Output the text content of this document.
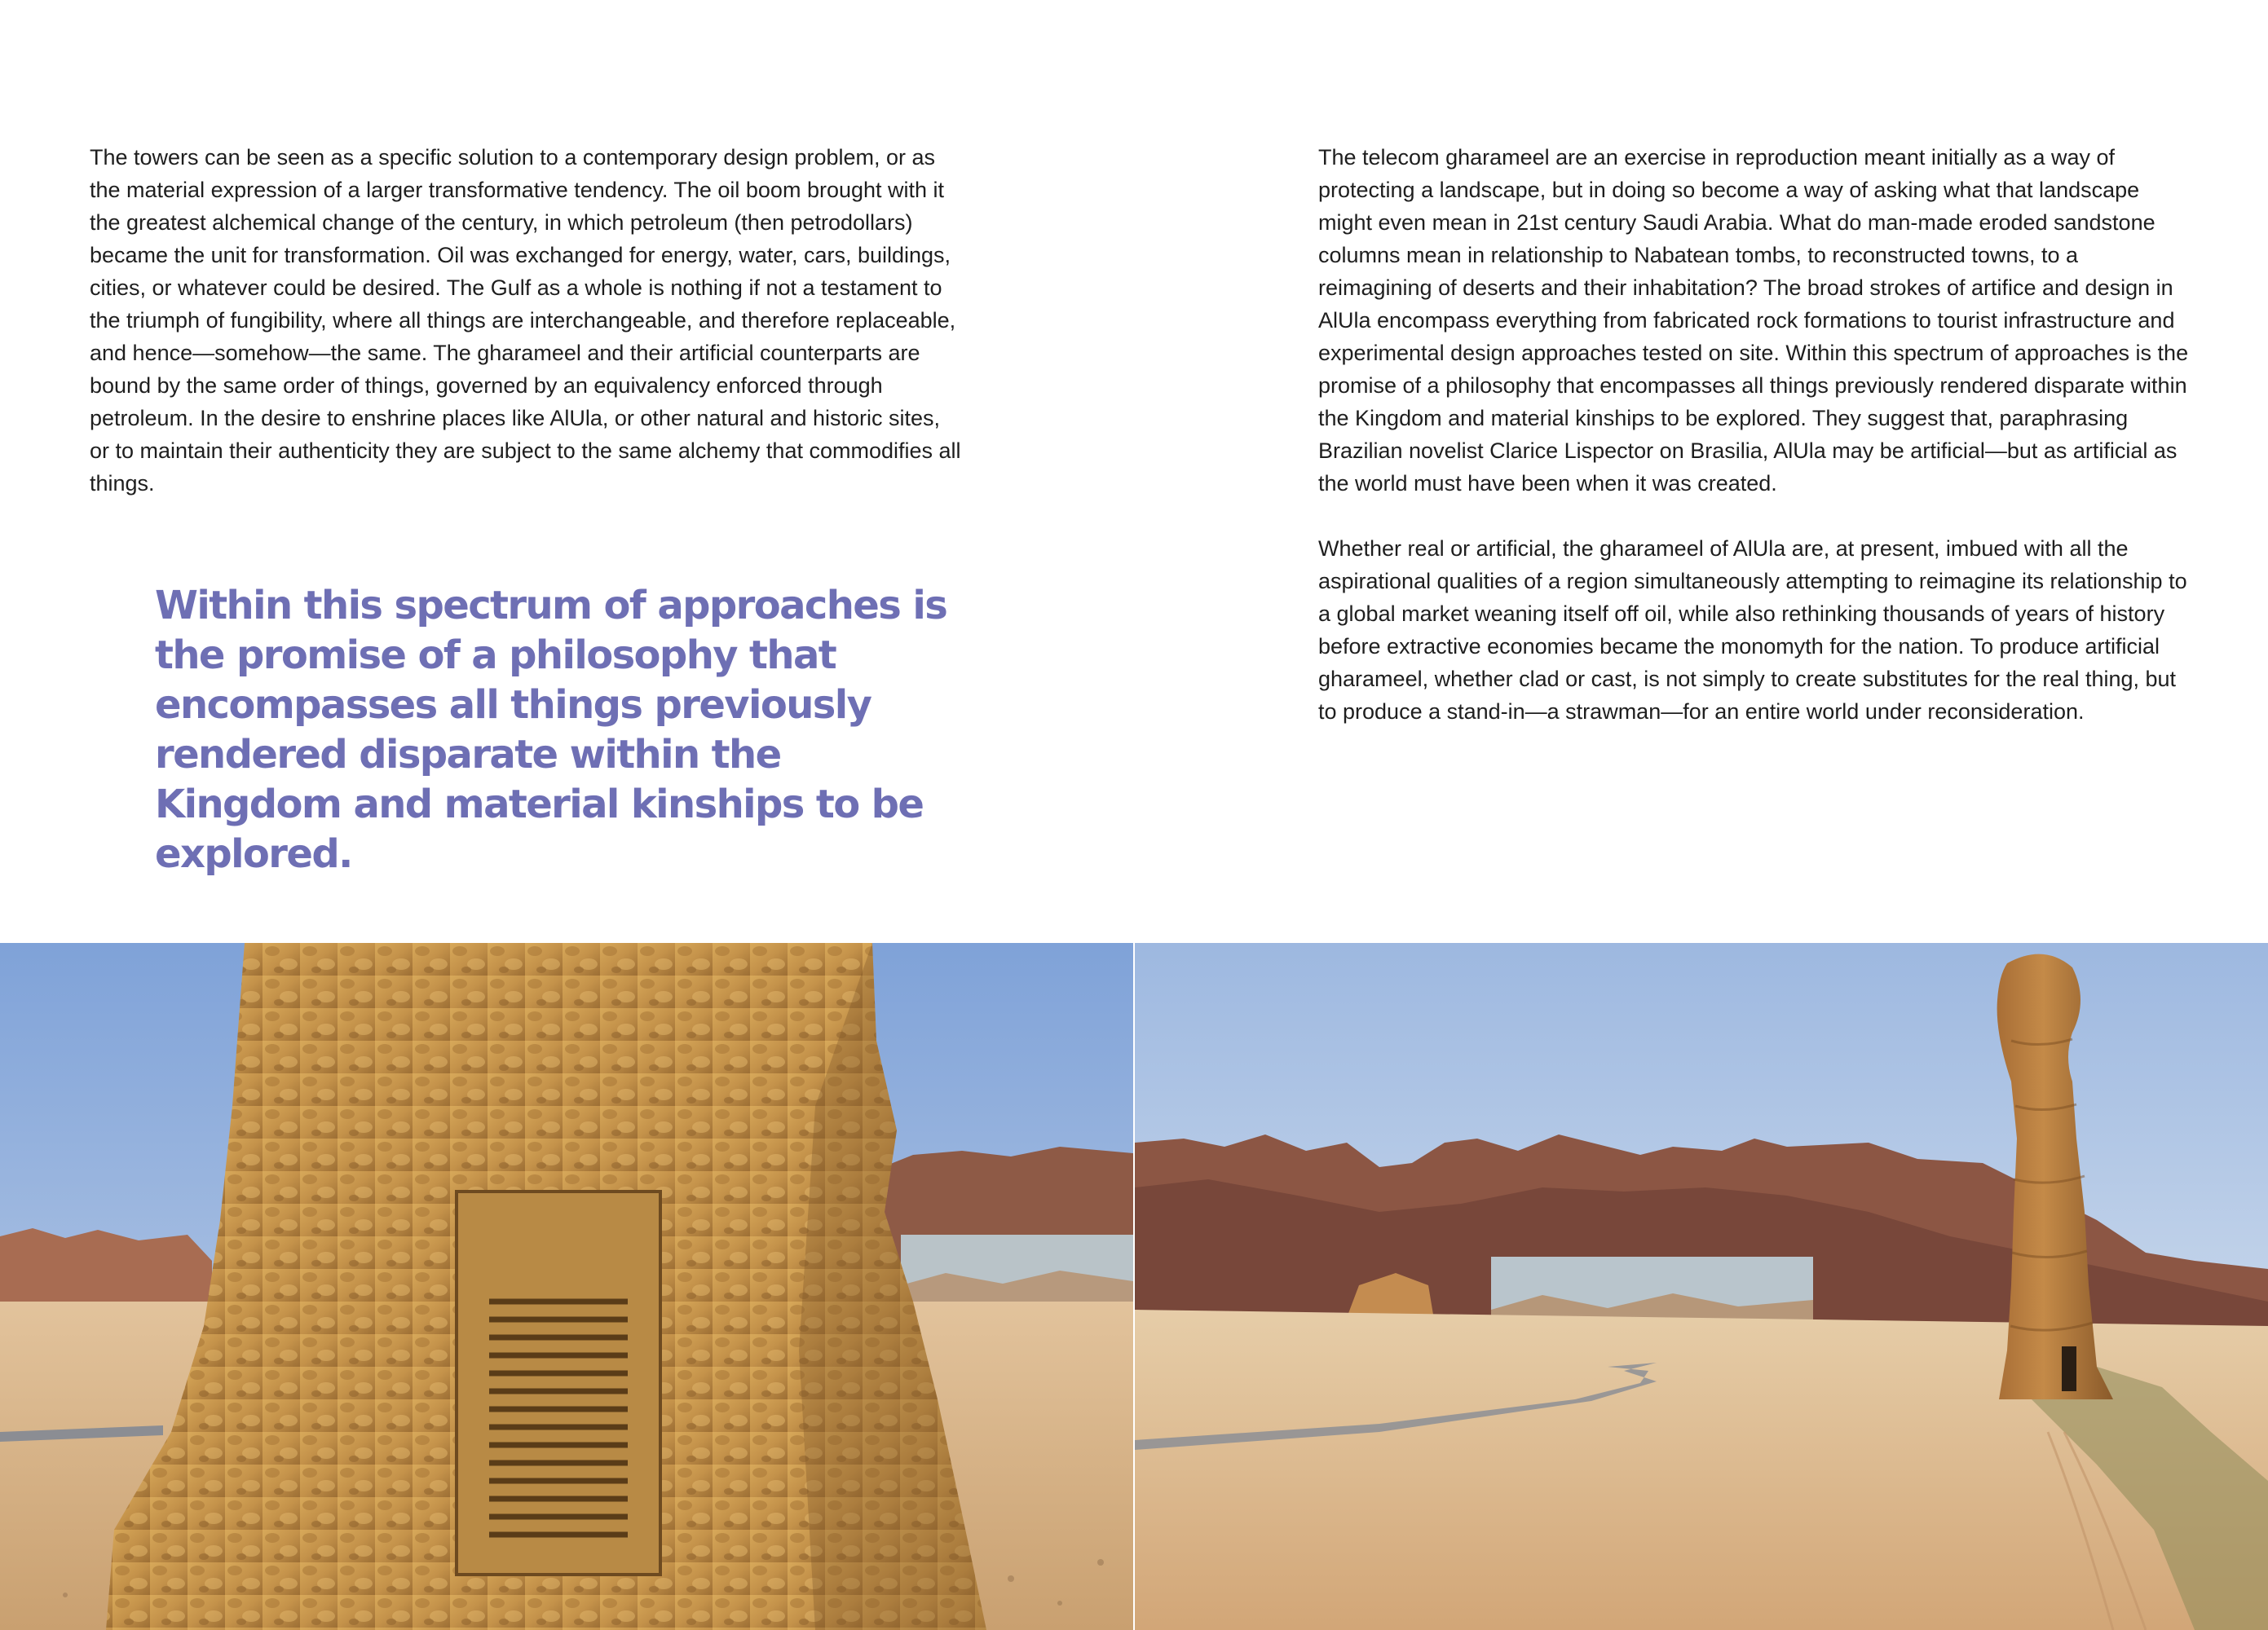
The towers can be seen as a specific solution to a contemporary design problem, or as the material expression of a larger transformative tendency. The oil boom brought with it the greatest alchemical change of the century, in which petroleum (then petrodollars) became the unit for transformation. Oil was exchanged for energy, water, cars, buildings, cities, or whatever could be desired. The Gulf as a whole is nothing if not a testament to the triumph of fungibility, where all things are interchangeable, and therefore replaceable, and hence—somehow—the same. The gharameel and their artificial counterparts are bound by the same order of things, governed by an equivalency enforced through petroleum. In the desire to enshrine places like AlUla, or other natural and historic sites, or to maintain their authenticity they are subject to the same alchemy that commodifies all things.

Within this spectrum of approaches is the promise of a philosophy that encompasses all things previously rendered disparate within the Kingdom and material kinships to be explored.

The telecom gharameel are an exercise in reproduction meant initially as a way of protecting a landscape, but in doing so become a way of asking what that landscape might even mean in 21st century Saudi Arabia. What do man-made eroded sandstone columns mean in relationship to Nabatean tombs, to reconstructed towns, to a reimagining of deserts and their inhabitation? The broad strokes of artifice and design in AlUla encompass everything from fabricated rock formations to tourist infrastructure and experimental design approaches tested on site. Within this spectrum of approaches is the promise of a philosophy that encompasses all things previously rendered disparate within the Kingdom and material kinships to be explored. They suggest that, paraphrasing Brazilian novelist Clarice Lispector on Brasilia, AlUla may be artificial—but as artificial as the world must have been when it was created.

Whether real or artificial, the gharameel of AlUla are, at present, imbued with all the aspirational qualities of a region simultaneously attempting to reimagine its relationship to a global market weaning itself off oil, while also rethinking thousands of years of history before extractive economies became the monomyth for the nation. To produce artificial gharameel, whether clad or cast, is not simply to create substitutes for the real thing, but to produce a stand-in—a strawman—for an entire world under reconsideration.
